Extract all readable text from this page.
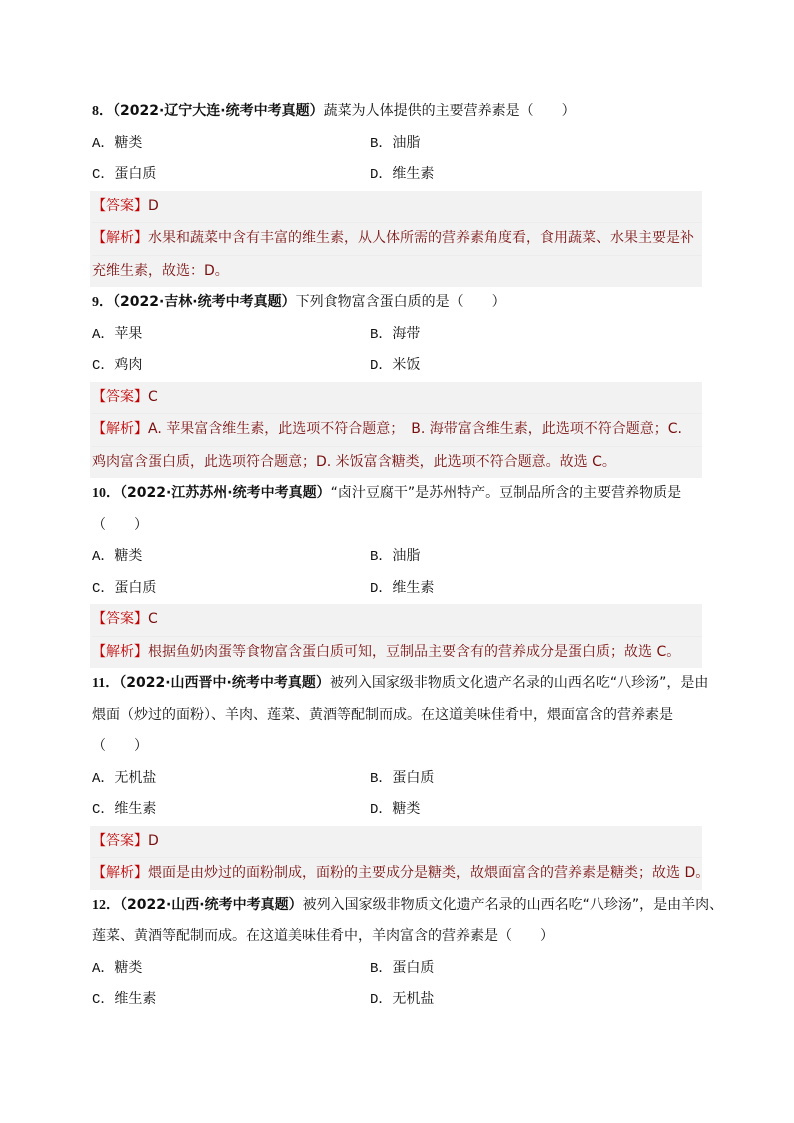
8．（2022·辽宁大连·统考中考真题）蔬菜为人体提供的主要营养素是（　　）
A．糖类	B．油脂
C．蛋白质	D．维生素
【答案】D
【解析】水果和蔬菜中含有丰富的维生素，从人体所需的营养素角度看，食用蔬菜、水果主要是补
充维生素，故选：D。
9．（2022·吉林·统考中考真题）下列食物富含蛋白质的是（　　）
A．苹果	B．海带
C．鸡肉	D．米饭
【答案】C
【解析】A. 苹果富含维生素，此选项不符合题意；　B. 海带富含维生素，此选项不符合题意；C.
鸡肉富含蛋白质，此选项符合题意；D. 米饭富含糖类，此选项不符合题意。故选 C。
10．（2022·江苏苏州·统考中考真题）“卤汁豆腐干”是苏州特产。豆制品所含的主要营养物质是
（　　）
A．糖类	B．油脂
C．蛋白质	D．维生素
【答案】C
【解析】根据鱼奶肉蛋等食物富含蛋白质可知，豆制品主要含有的营养成分是蛋白质；故选 C。
11．（2022·山西晋中·统考中考真题）被列入国家级非物质文化遗产名录的山西名吃“八珍汤”，是由
煨面（炒过的面粉）、羊肉、莲菜、黄酒等配制而成。在这道美味佳肴中，煨面富含的营养素是
（　　）
A．无机盐	B．蛋白质
C．维生素	D．糖类
【答案】D
【解析】煨面是由炒过的面粉制成，面粉的主要成分是糖类，故煨面富含的营养素是糖类；故选 D。
12．（2022·山西·统考中考真题）被列入国家级非物质文化遗产名录的山西名吃“八珍汤”，是由羊肉、
莲菜、黄酒等配制而成。在这道美味佳肴中，羊肉富含的营养素是（　　）
A．糖类	B．蛋白质
C．维生素	D．无机盐
